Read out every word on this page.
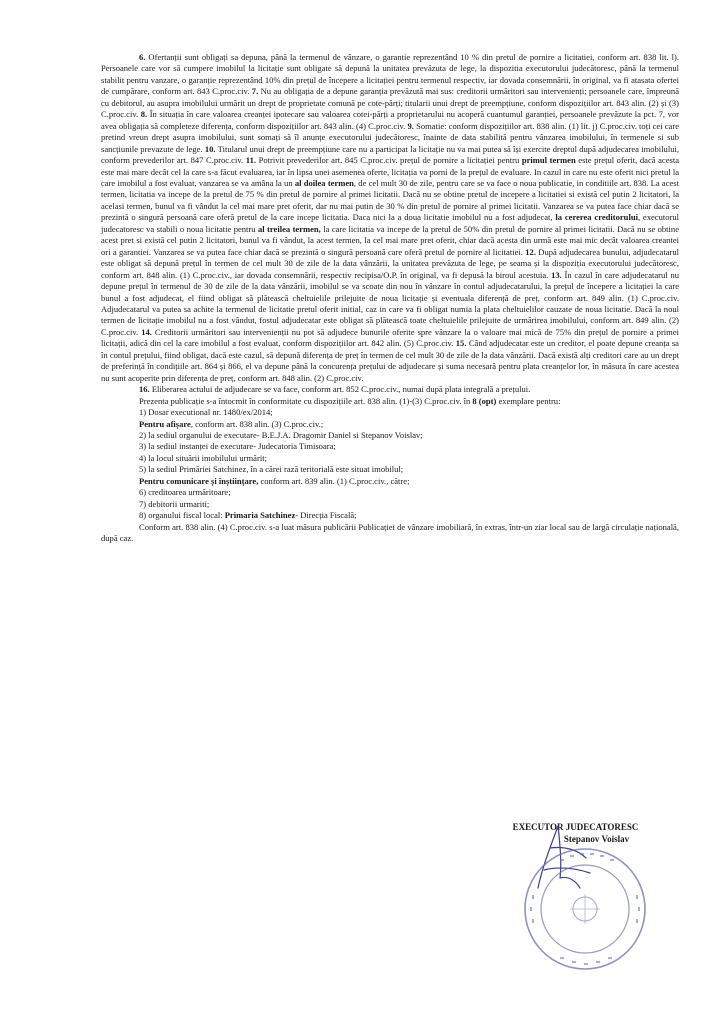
6. Ofertanții sunt obligați sa depuna, până la termenul de vânzare, o garantie reprezentând 10 % din pretul de pornire a licitatiei, conform art. 838 lit. l). Persoanele care vor să cumpere imobilul la licitație sunt obligate să depună la unitatea prevăzuta de lege, la dispozitia executorului judecătoresc, până la termenul stabilit pentru vanzare, o garanție reprezentând 10% din prețul de începere a licitației pentru termenul respectiv, iar dovada consemnării, în original, va fi atasata ofertei de cumpărare, conform art. 843 C.proc.civ. 7. Nu au obligația de a depune garanția prevăzută mai sus: creditorii urmăritori sau intervenienți; persoanele care, împreună cu debitorul, au asupra imobilului urmărit un drept de proprietate comună pe cote-părți; titularii unui drept de preempțiune, conform dispozițiilor art. 843 alin. (2) și (3) C.proc.civ. 8. În situația în care valoarea creanței ipotecare sau valoarea cotei-părți a proprietarului nu acoperă cuantumul garanției, persoanele prevăzute la pct. 7, vor avea obligația să completeze diferența, conform dispozițiilor art. 843 alin. (4) C.proc.civ. 9. Somatie: conform dispozițiilor art. 838 alin. (1) lit. j) C.proc.civ. toți cei care pretind vreun drept asupra imobilului, sunt somați să îl anunțe executorului judecătoresc, înainte de data stabilită pentru vânzarea imobilului, în termenele si sub sancțiunile prevazute de lege. 10. Titularul unui drept de preempțiune care nu a participat la licitație nu va mai putea să își exercite dreptul după adjudecarea imobilului, conform prevederilor art. 847 C.proc.civ. 11. Potrivit prevederilor art. 845 C.proc.civ. prețul de pornire a licitației pentru primul termen este prețul oferit, dacă acesta este mai mare decât cel la care s-a făcut evaluarea, iar în lipsa unei asemenea oferte, licitația va porni de la prețul de evaluare. In cazul in care nu este oferit nici pretul la care imobilul a fost evaluat, vanzarea se va amâna la un al doilea termen, de cel mult 30 de zile, pentru care se va face o noua publicatie, in conditiile art. 838. La acest termen, licitatia va incepe de la pretul de 75 % din pretul de pornire al primei licitatii. Dacă nu se obtine pretul de incepere a licitatiei si există cel putin 2 licitatori, la acelasi termen, bunul va fi vândut la cel mai mare pret oferit, dar nu mai putin de 30 % din pretul de pornire al primei licitatii. Vanzarea se va putea face chiar dacă se prezintă o singură persoană care oferă pretul de la care incepe licitatia. Daca nici la a doua licitatie imobilul nu a fost adjudecat, la cererea creditorului, executorul judecatoresc va stabili o noua licitatie pentru al treilea termen, la care licitatia va incepe de la pretul de 50% din pretul de pornire al primei licitatii. Dacă nu se obtine acest pret si există cel putin 2 licitatori, bunul va fi vândut, la acest termen, la cel mai mare pret oferit, chiar dacă acesta din urmă este mai mic decât valoarea creantei ori a garantiei. Vanzarea se va putea face chiar dacă se prezintă o singură persoană care oferă pretul de pornire al licitatiei. 12. După adjudecarea bunului, adjudecatarul este obligat să depună prețul în termen de cel mult 30 de zile de la data vânzării, la unitatea prevăzuta de lege, pe seama și la dispoziția executorului judecătoresc, conform art. 848 alin. (1) C.proc.civ., iar dovada consemnării, respectiv recipisa/O.P. în original, va fi depusă la biroul acestuia. 13. În cazul în care adjudecatarul nu depune prețul în termenul de 30 de zile de la data vânzării, imobilul se va scoate din nou în vânzare în contul adjudecatarului, la prețul de începere a licitației la care bunul a fost adjudecat, el fiind obligat să plătească cheltuielile prilejuite de noua licitație și eventuala diferență de preț, conform art. 849 alin. (1) C.proc.civ. Adjudecatarul va putea sa achite la termenul de licitatie pretul oferit initial, caz in care va fi obligat numia la plata cheltuielilor cauzate de noua licitatie. Dacă la noul termen de licitație imobilul nu a fost vândut, fostul adjudecatar este obligat să plătească toate cheltuielile prilejuite de urmărirea imobilului, conform art. 849 alin. (2) C.proc.civ. 14. Creditorii urmăritori sau intervenienții nu pot să adjudece bunurile oferite spre vânzare la o valoare mai mică de 75% din prețul de pornire a primei licitații, adică din cel la care imobilul a fost evaluat, conform dispozițiilor art. 842 alin. (5) C.proc.civ. 15. Când adjudecatar este un creditor, el poate depune creanța sa în contul prețului, fiind obligat, dacă este cazul, să depună diferența de preț în termen de cel mult 30 de zile de la data vânzării. Dacă există alți creditori care au un drept de preferință în condițiile art. 864 și 866, el va depune până la concurența prețului de adjudecare și suma necesară pentru plata creanțelor lor, în măsura în care acestea nu sunt acoperite prin diferența de preț, conform art. 848 alin. (2) C.proc.civ.

16. Eliberarea actului de adjudecare se va face, conform art. 852 C.proc.civ., numai după plata integrală a prețului.

Prezenta publicație s-a întocmit în conformitate cu dispozițiile art. 838 alin. (1)-(3) C.proc.civ. în 8 (opt) exemplare pentru:

1) Dosar executional nr. 1480/ex/2014;
Pentru afișare, conform art. 838 alin. (3) C.proc.civ.;
2) la sediul organului de executare- B.E.J.A. Dragomir Daniel si Stepanov Voislav;
3) la sediul instanței de executare- Judecatoria Timisoara;
4) la locul situării imobilului urmărit;
5) la sediul Primăriei Satchinez, în a cărei rază teritorială este situat imobilul;
Pentru comunicare și înștiințare, conform art. 839 alin. (1) C.proc.civ., către;
6) creditoarea urmăritoare;
7) debitorii urmariti;
8) organului fiscal local: Primaria Satchinez- Direcția Fiscală;

Conform art. 838 alin. (4) C.proc.civ. s-a luat măsura publicării Publicației de vânzare imobiliară, în extras, într-un ziar local sau de largă circulație națională, după caz.

EXECUTOR JUDECATORESC
Stepanov Voislav
